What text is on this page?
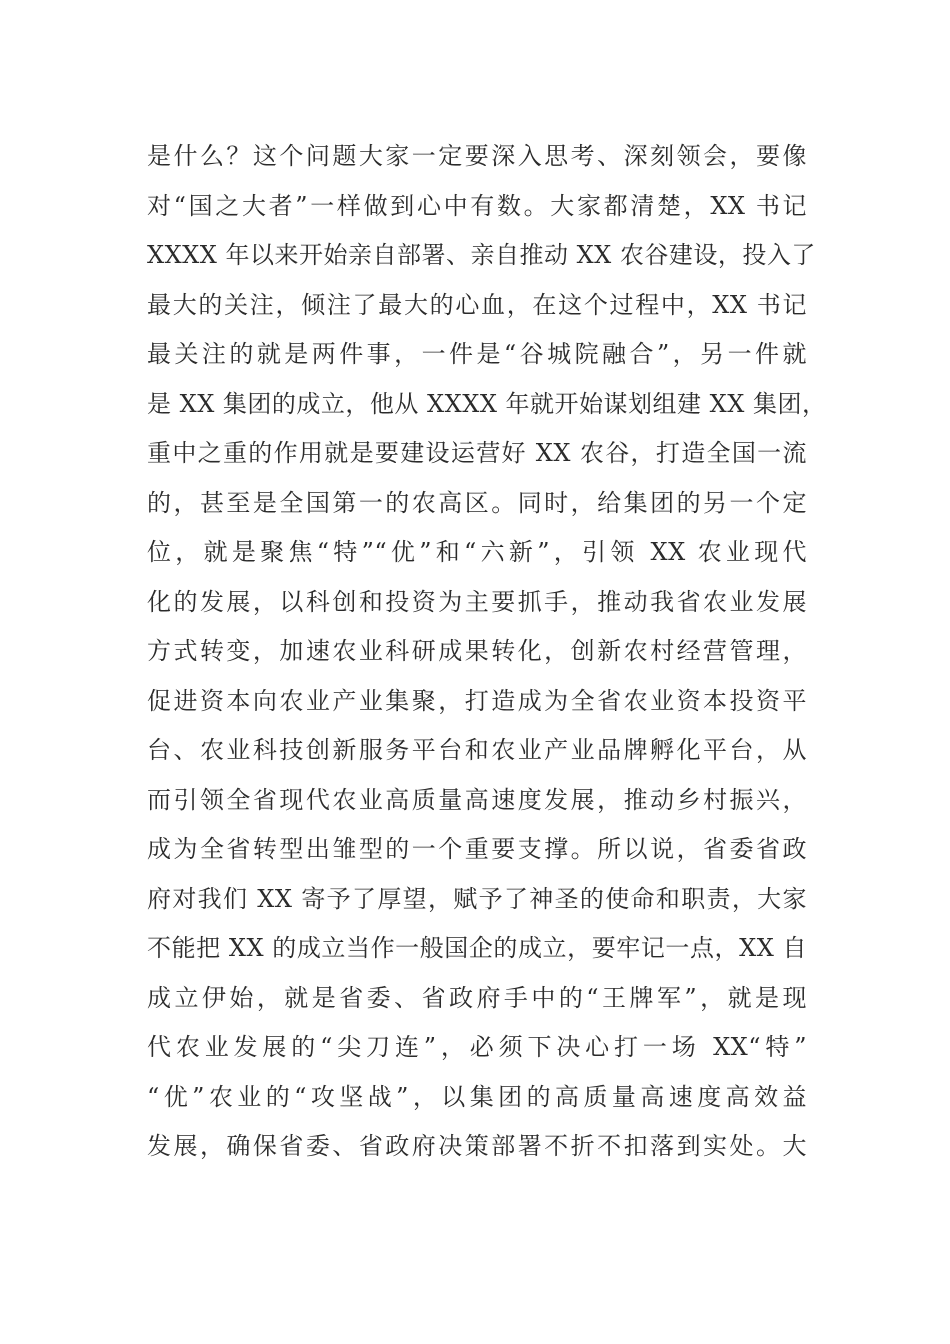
是什么？这个问题大家一定要深入思考、深刻领会，要像
对“国之大者”一样做到心中有数。大家都清楚，XX 书记
XXXX 年以来开始亲自部署、亲自推动 XX 农谷建设，投入了
最大的关注，倾注了最大的心血，在这个过程中，XX 书记
最关注的就是两件事，一件是“谷城院融合”，另一件就
是 XX 集团的成立，他从 XXXX 年就开始谋划组建 XX 集团，
重中之重的作用就是要建设运营好 XX 农谷，打造全国一流
的，甚至是全国第一的农高区。同时，给集团的另一个定
位，就是聚焦“特”“优”和“六新”，引领 XX 农业现代
化的发展，以科创和投资为主要抓手，推动我省农业发展
方式转变，加速农业科研成果转化，创新农村经营管理，
促进资本向农业产业集聚，打造成为全省农业资本投资平
台、农业科技创新服务平台和农业产业品牌孵化平台，从
而引领全省现代农业高质量高速度发展，推动乡村振兴，
成为全省转型出雏型的一个重要支撑。所以说，省委省政
府对我们 XX 寄予了厚望，赋予了神圣的使命和职责，大家
不能把 XX 的成立当作一般国企的成立，要牢记一点，XX 自
成立伊始，就是省委、省政府手中的“王牌军”，就是现
代农业发展的“尖刀连”，必须下决心打一场 XX“特”
“优”农业的“攻坚战”，以集团的高质量高速度高效益
发展，确保省委、省政府决策部署不折不扣落到实处。大
